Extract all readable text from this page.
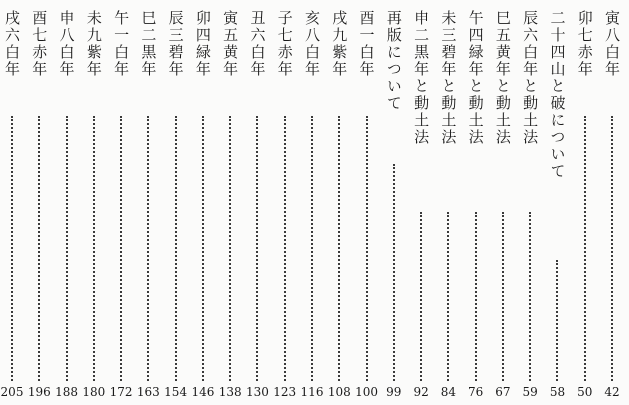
寅八白年
42
卯七赤年
50
二十四山と破について
58
辰六白年と動土法
59
巳五黄年と動土法
67
午四緑年と動土法
76
未三碧年と動土法
84
申二黒年と動土法
92
再版について
99
酉一白年
100
戌九紫年
108
亥八白年
116
子七赤年
123
丑六白年
130
寅五黄年
138
卯四緑年
146
辰三碧年
154
巳二黒年
163
午一白年
172
未九紫年
180
申八白年
188
酉七赤年
196
戌六白年
205
